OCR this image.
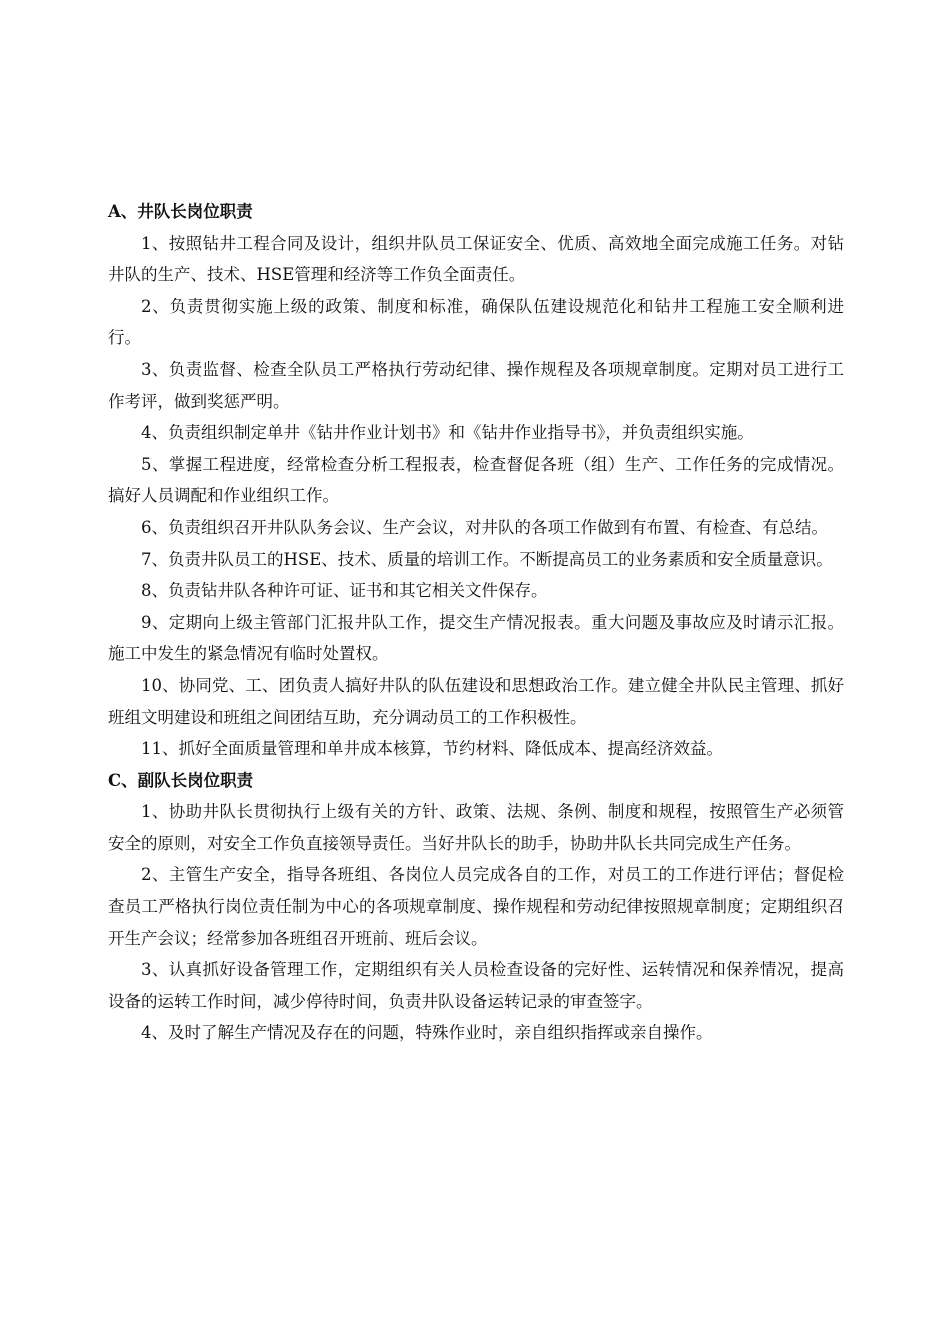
A、井队长岗位职责

1、按照钻井工程合同及设计，组织井队员工保证安全、优质、高效地全面完成施工任务。对钻井队的生产、技术、HSE管理和经济等工作负全面责任。

2、负责贯彻实施上级的政策、制度和标准，确保队伍建设规范化和钻井工程施工安全顺利进行。

3、负责监督、检查全队员工严格执行劳动纪律、操作规程及各项规章制度。定期对员工进行工作考评，做到奖惩严明。

4、负责组织制定单井《钻井作业计划书》和《钻井作业指导书》，并负责组织实施。

5、掌握工程进度，经常检查分析工程报表，检查督促各班（组）生产、工作任务的完成情况。搞好人员调配和作业组织工作。

6、负责组织召开井队队务会议、生产会议，对井队的各项工作做到有布置、有检查、有总结。

7、负责井队员工的HSE、技术、质量的培训工作。不断提高员工的业务素质和安全质量意识。

8、负责钻井队各种许可证、证书和其它相关文件保存。

9、定期向上级主管部门汇报井队工作，提交生产情况报表。重大问题及事故应及时请示汇报。施工中发生的紧急情况有临时处置权。

10、协同党、工、团负责人搞好井队的队伍建设和思想政治工作。建立健全井队民主管理、抓好班组文明建设和班组之间团结互助，充分调动员工的工作积极性。

11、抓好全面质量管理和单井成本核算，节约材料、降低成本、提高经济效益。

C、副队长岗位职责

1、协助井队长贯彻执行上级有关的方针、政策、法规、条例、制度和规程，按照管生产必须管安全的原则，对安全工作负直接领导责任。当好井队长的助手，协助井队长共同完成生产任务。

2、主管生产安全，指导各班组、各岗位人员完成各自的工作，对员工的工作进行评估；督促检查员工严格执行岗位责任制为中心的各项规章制度、操作规程和劳动纪律按照规章制度；定期组织召开生产会议；经常参加各班组召开班前、班后会议。

3、认真抓好设备管理工作，定期组织有关人员检查设备的完好性、运转情况和保养情况，提高设备的运转工作时间，减少停待时间，负责井队设备运转记录的审查签字。

4、及时了解生产情况及存在的问题，特殊作业时，亲自组织指挥或亲自操作。
